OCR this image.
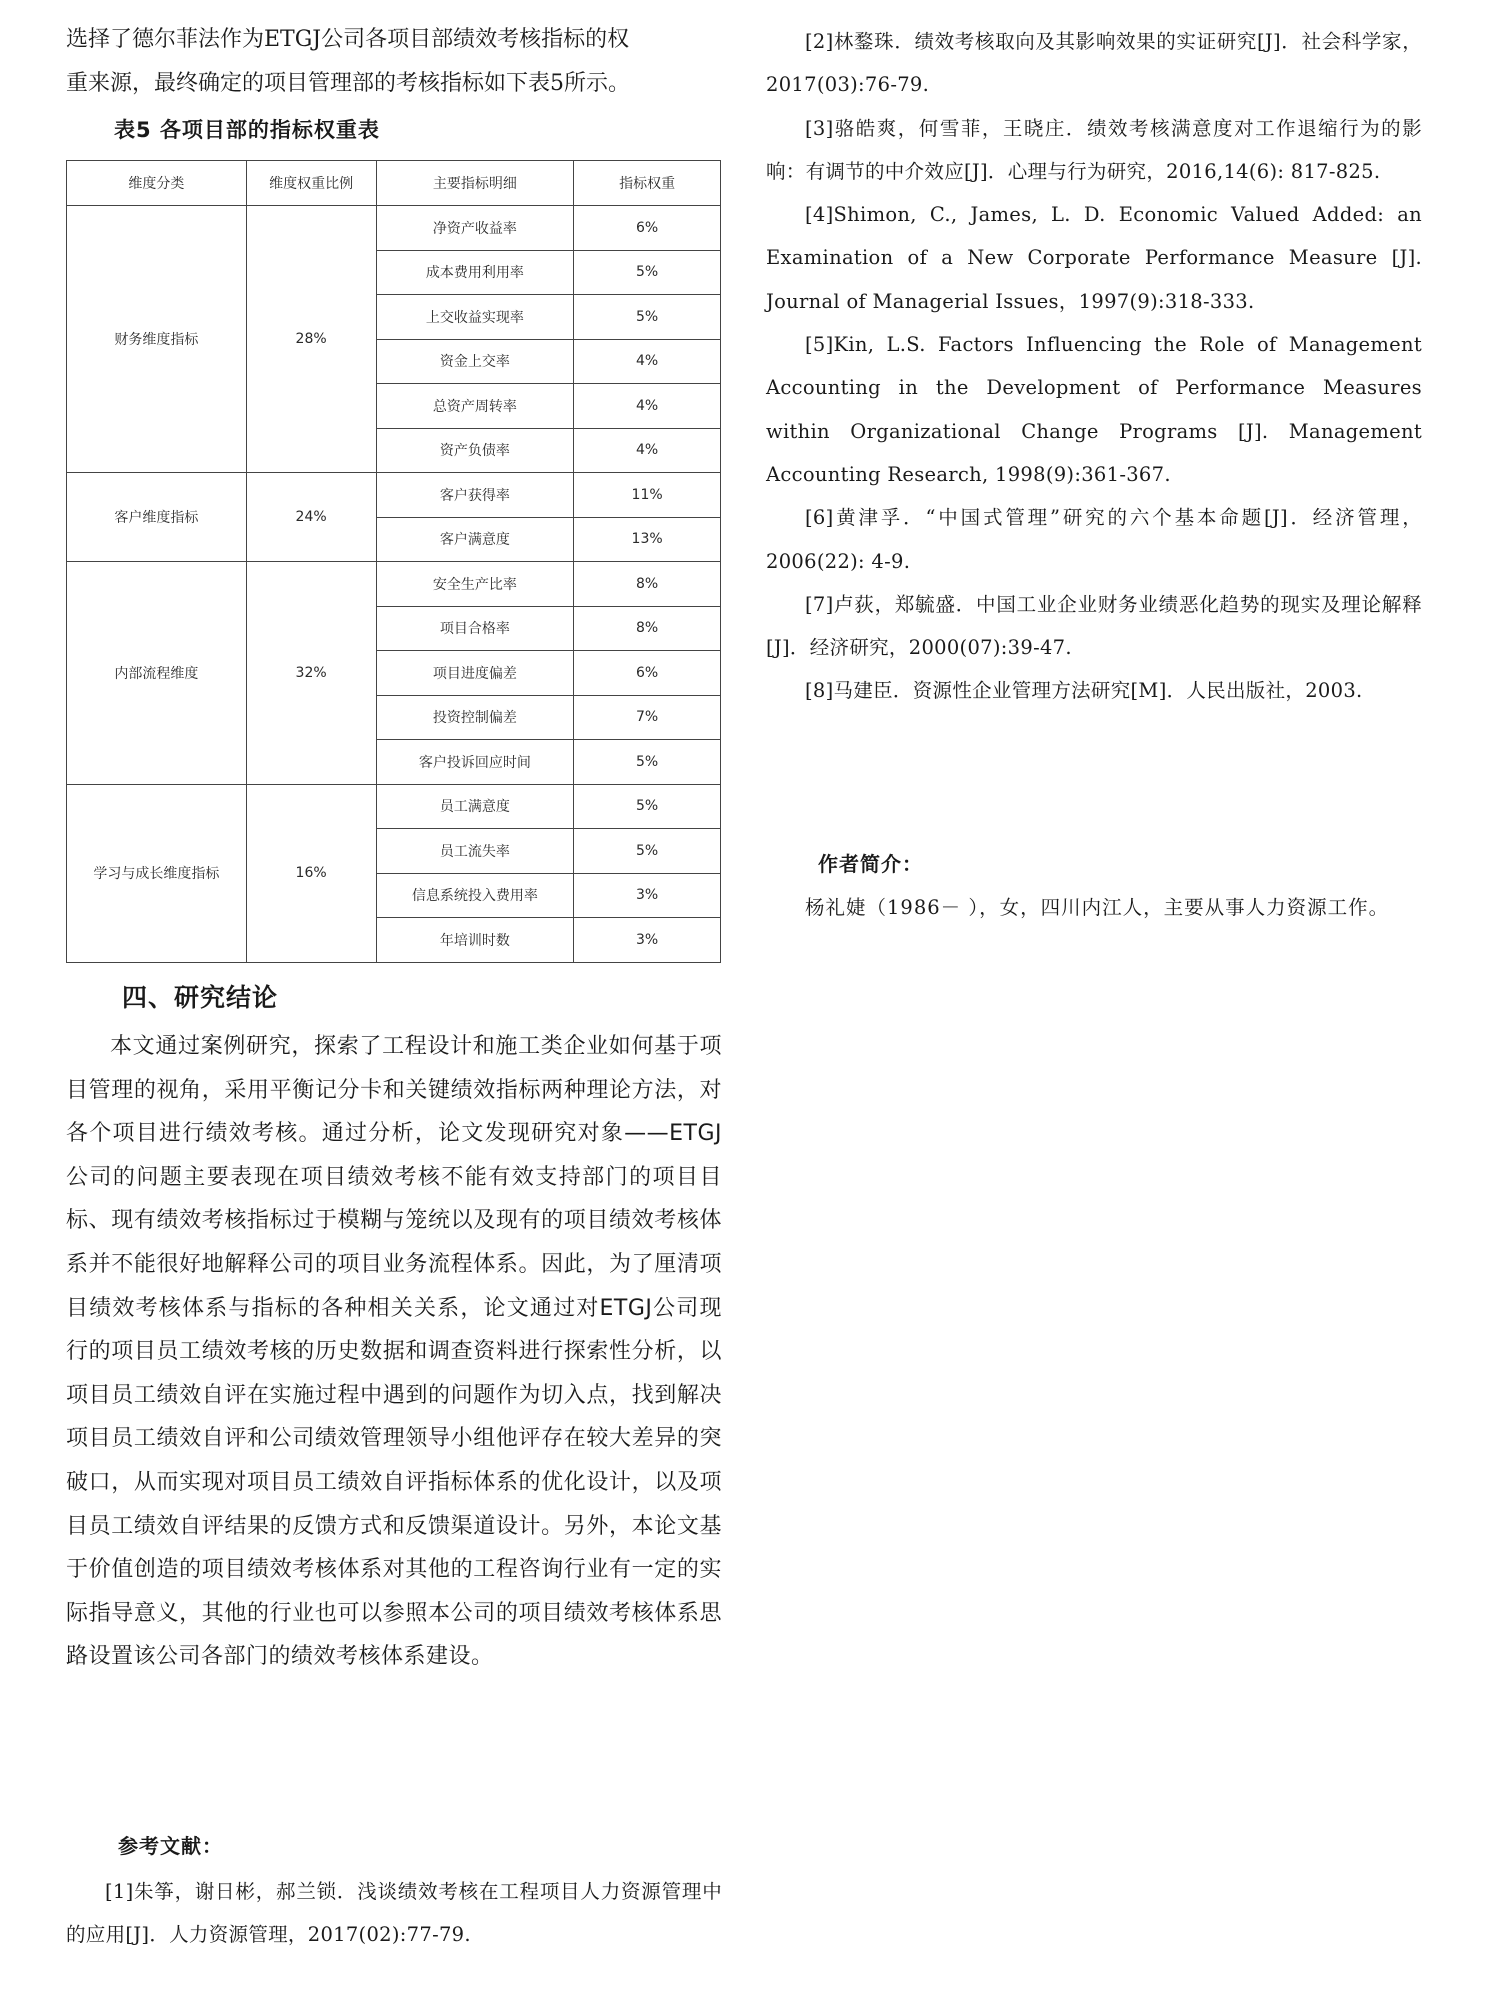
选择了德尔菲法作为ETGJ公司各项目部绩效考核指标的权
重来源，最终确定的项目管理部的考核指标如下表5所示。
表5 各项目部的指标权重表
维度分类	维度权重比例	主要指标明细	指标权重
财务维度指标	28%	净资产收益率	6%
		成本费用利用率	5%
		上交收益实现率	5%
		资金上交率	4%
		总资产周转率	4%
		资产负债率	4%
客户维度指标	24%	客户获得率	11%
		客户满意度	13%
内部流程维度	32%	安全生产比率	8%
		项目合格率	8%
		项目进度偏差	6%
		投资控制偏差	7%
		客户投诉回应时间	5%
学习与成长维度指标	16%	员工满意度	5%
		员工流失率	5%
		信息系统投入费用率	3%
		年培训时数	3%
四、研究结论

本文通过案例研究，探索了工程设计和施工类企业如何基于项目管理的视角，采用平衡记分卡和关键绩效指标两种理论方法，对各个项目进行绩效考核。通过分析，论文发现研究对象——ETGJ公司的问题主要表现在项目绩效考核不能有效支持部门的项目目标、现有绩效考核指标过于模糊与笼统以及现有的项目绩效考核体系并不能很好地解释公司的项目业务流程体系。因此，为了厘清项目绩效考核体系与指标的各种相关关系，论文通过对ETGJ公司现行的项目员工绩效考核的历史数据和调查资料进行探索性分析，以项目员工绩效自评在实施过程中遇到的问题作为切入点，找到解决项目员工绩效自评和公司绩效管理领导小组他评存在较大差异的突破口，从而实现对项目员工绩效自评指标体系的优化设计，以及项目员工绩效自评结果的反馈方式和反馈渠道设计。另外，本论文基于价值创造的项目绩效考核体系对其他的工程咨询行业有一定的实际指导意义，其他的行业也可以参照本公司的项目绩效考核体系思路设置该公司各部门的绩效考核体系建设。

参考文献：

[1]朱筝，谢日彬，郝兰锁．浅谈绩效考核在工程项目人力资源管理中的应用[J]．人力资源管理，2017(02):77-79.

[2]林鍪珠．绩效考核取向及其影响效果的实证研究[J]．社会科学家，2017(03):76-79.

[3]骆皓爽，何雪菲，王晓庄．绩效考核满意度对工作退缩行为的影响：有调节的中介效应[J]．心理与行为研究，2016,14(6): 817-825.

[4]Shimon, C., James, L. D. Economic Valued Added: an Examination of a New Corporate Performance Measure [J]. Journal of Managerial Issues，1997(9):318-333.

[5]Kin, L.S. Factors Influencing the Role of Management Accounting in the Development of Performance Measures within Organizational Change Programs [J]. Management Accounting Research, 1998(9):361-367.

[6]黄津孚．“中国式管理”研究的六个基本命题[J]．经济管理，2006(22): 4-9.

[7]卢荻，郑毓盛．中国工业企业财务业绩恶化趋势的现实及理论解释[J]．经济研究，2000(07):39-47.

[8]马建臣．资源性企业管理方法研究[M]．人民出版社，2003.

作者简介：

杨礼婕（1986－ ），女，四川内江人，主要从事人力资源工作。
